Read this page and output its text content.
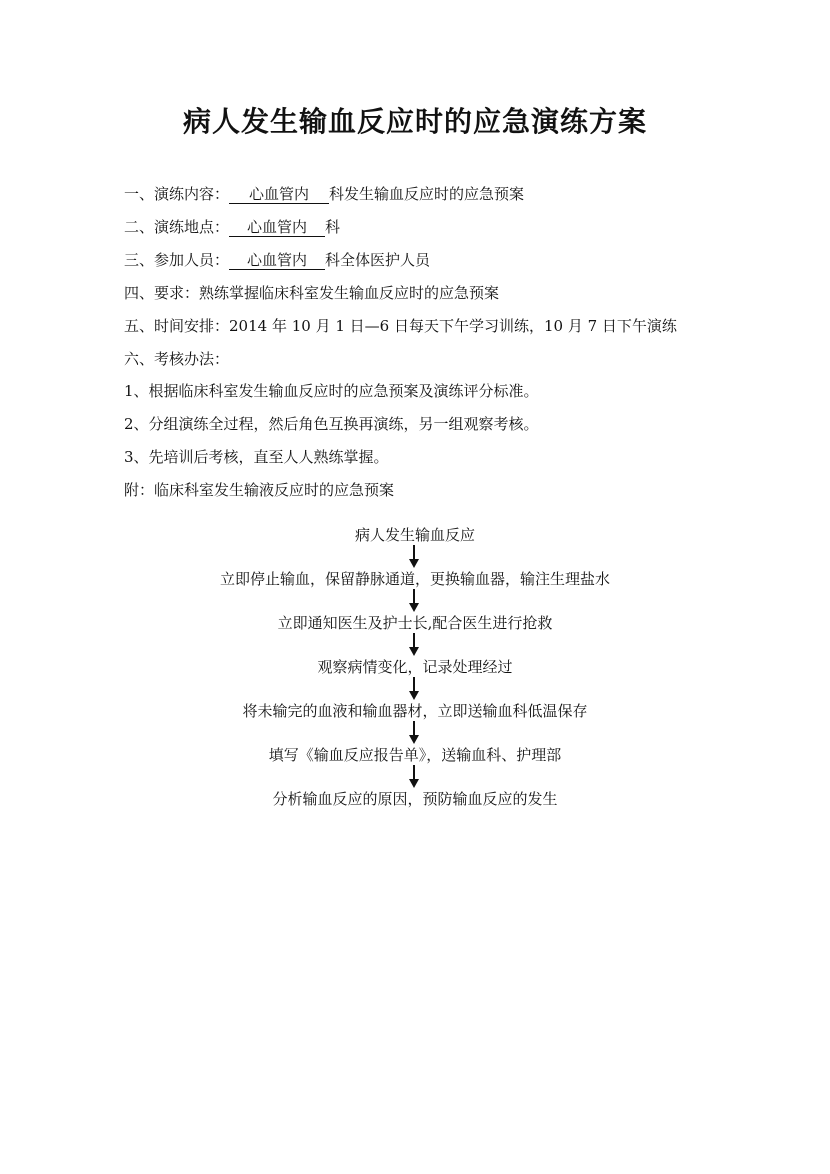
病人发生输血反应时的应急演练方案
一、演练内容： 心血管内 科发生输血反应时的应急预案
二、演练地点： 心血管内 科
三、参加人员： 心血管内 科全体医护人员
四、要求：熟练掌握临床科室发生输血反应时的应急预案
五、时间安排：2014 年 10 月 1 日—6 日每天下午学习训练，10 月 7 日下午演练
六、考核办法：
1、根据临床科室发生输血反应时的应急预案及演练评分标准。
2、分组演练全过程，然后角色互换再演练，另一组观察考核。
3、先培训后考核，直至人人熟练掌握。
附：临床科室发生输液反应时的应急预案
病人发生输血反应
立即停止输血，保留静脉通道，更换输血器，输注生理盐水
立即通知医生及护士长,配合医生进行抢救
观察病情变化，记录处理经过
将未输完的血液和输血器材，立即送输血科低温保存
填写《输血反应报告单》，送输血科、护理部
分析输血反应的原因，预防输血反应的发生
